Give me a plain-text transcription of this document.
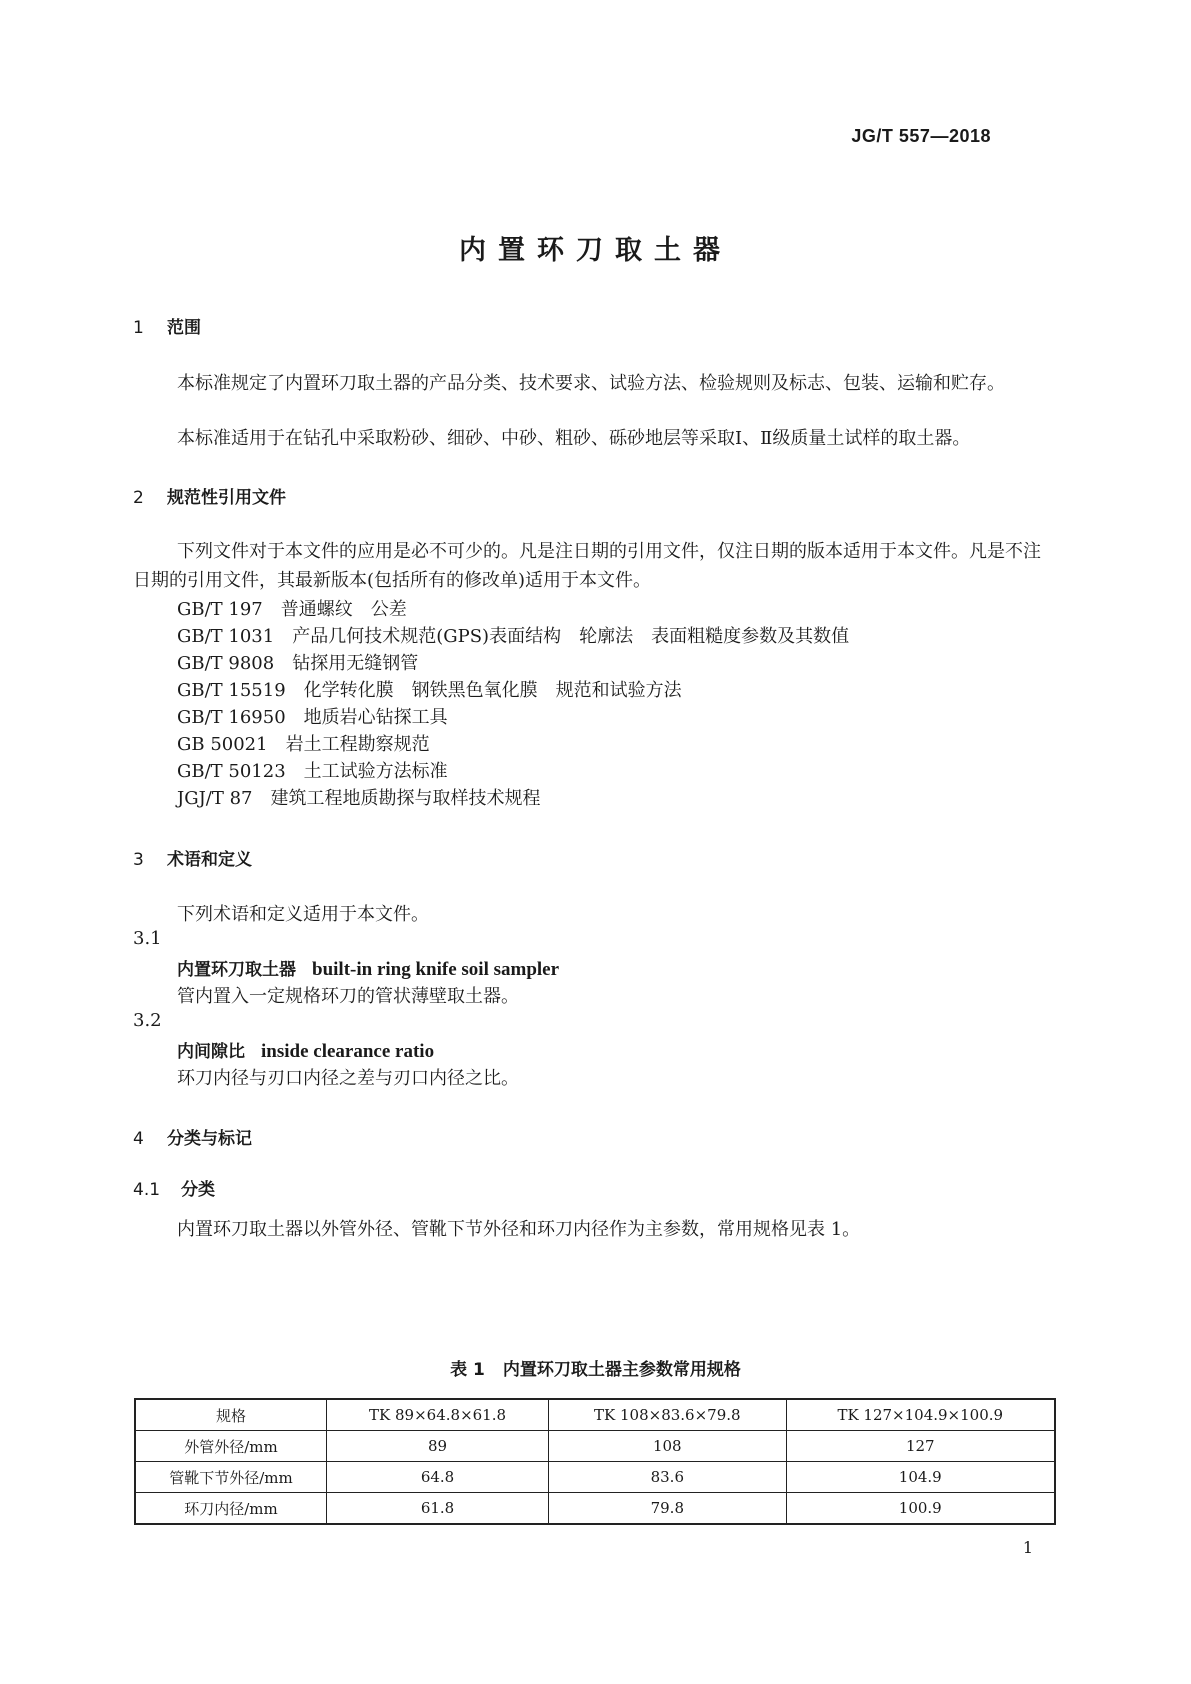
JG/T 557—2018
内置环刀取土器
1 范围
本标准规定了内置环刀取土器的产品分类、技术要求、试验方法、检验规则及标志、包装、运输和贮存。
本标准适用于在钻孔中采取粉砂、细砂、中砂、粗砂、砾砂地层等采取Ⅰ、Ⅱ级质量土试样的取土器。
2 规范性引用文件
下列文件对于本文件的应用是必不可少的。凡是注日期的引用文件，仅注日期的版本适用于本文件。凡是不注日期的引用文件，其最新版本(包括所有的修改单)适用于本文件。
GB/T 197　普通螺纹　公差
GB/T 1031　产品几何技术规范(GPS)表面结构　轮廓法　表面粗糙度参数及其数值
GB/T 9808　钻探用无缝钢管
GB/T 15519　化学转化膜　钢铁黑色氧化膜　规范和试验方法
GB/T 16950　地质岩心钻探工具
GB 50021　岩土工程勘察规范
GB/T 50123　土工试验方法标准
JGJ/T 87　建筑工程地质勘探与取样技术规程
3 术语和定义
下列术语和定义适用于本文件。
3.1
内置环刀取土器 built-in ring knife soil sampler
管内置入一定规格环刀的管状薄壁取土器。
3.2
内间隙比 inside clearance ratio
环刀内径与刃口内径之差与刃口内径之比。
4 分类与标记
4.1 分类
内置环刀取土器以外管外径、管靴下节外径和环刀内径作为主参数，常用规格见表 1。
表 1 内置环刀取土器主参数常用规格
规格	TK 89×64.8×61.8	TK 108×83.6×79.8	TK 127×104.9×100.9
外管外径/mm	89	108	127
管靴下节外径/mm	64.8	83.6	104.9
环刀内径/mm	61.8	79.8	100.9
1
